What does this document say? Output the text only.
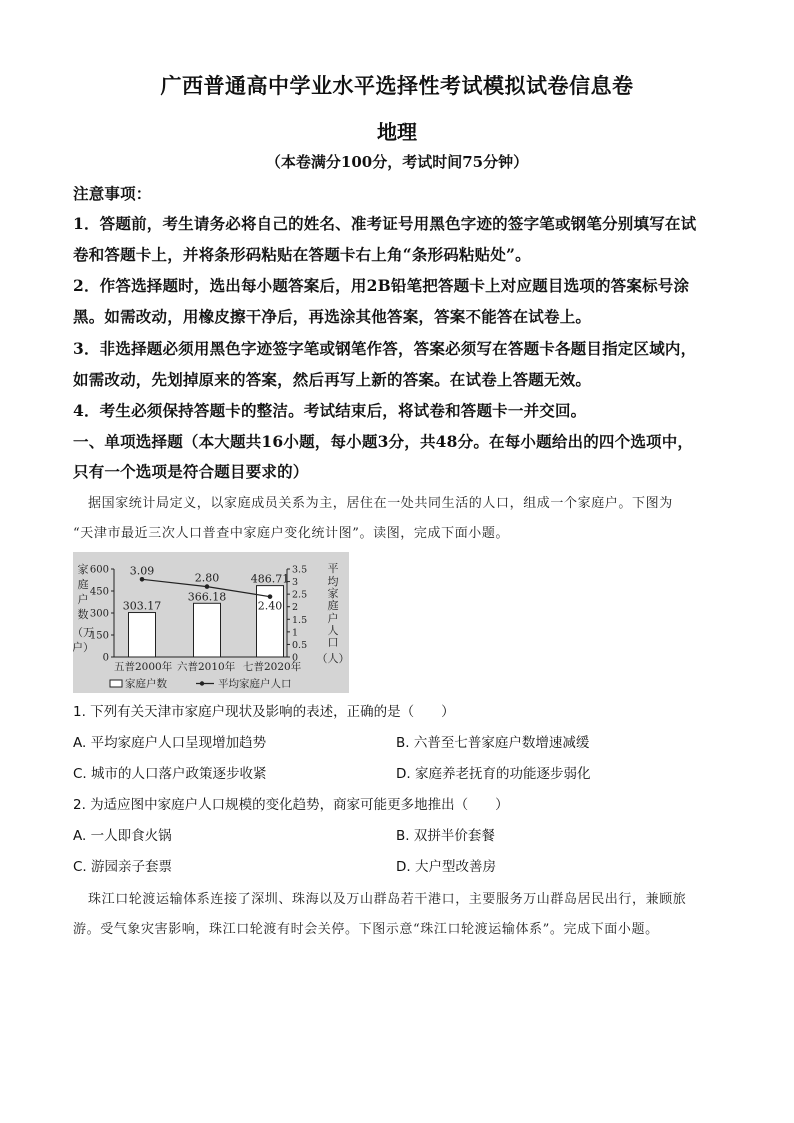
广西普通高中学业水平选择性考试模拟试卷信息卷
地理
（本卷满分100分，考试时间75分钟）
注意事项：
1．答题前，考生请务必将自己的姓名、准考证号用黑色字迹的签字笔或钢笔分别填写在试
卷和答题卡上，并将条形码粘贴在答题卡右上角“条形码粘贴处”。
2．作答选择题时，选出每小题答案后，用2B铅笔把答题卡上对应题目选项的答案标号涂
黑。如需改动，用橡皮擦干净后，再选涂其他答案，答案不能答在试卷上。
3．非选择题必须用黑色字迹签字笔或钢笔作答，答案必须写在答题卡各题目指定区域内，
如需改动，先划掉原来的答案，然后再写上新的答案。在试卷上答题无效。
4．考生必须保持答题卡的整洁。考试结束后，将试卷和答题卡一并交回。
一、单项选择题（本大题共16小题，每小题3分，共48分。在每小题给出的四个选项中，
只有一个选项是符合题目要求的）
据国家统计局定义，以家庭成员关系为主，居住在一处共同生活的人口，组成一个家庭户。下图为
“天津市最近三次人口普查中家庭户变化统计图”。读图，完成下面小题。
0
150
300
450
600
0
0.5
1
1.5
2
2.5
3
3.5
家
庭
户
数
（万
户）
平
均
家
庭
户
人
口
（人）
303.17
366.18
486.71
3.09
2.80
2.40
五普2000年 六普2010年 七普2020年
家庭户数	平均家庭户人口
1. 下列有关天津市家庭户现状及影响的表述，正确的是（　　）
A. 平均家庭户人口呈现增加趋势	B. 六普至七普家庭户数增速减缓
C. 城市的人口落户政策逐步收紧	D. 家庭养老抚育的功能逐步弱化
2. 为适应图中家庭户人口规模的变化趋势，商家可能更多地推出（　　）
A. 一人即食火锅	B. 双拼半价套餐
C. 游园亲子套票	D. 大户型改善房
珠江口轮渡运输体系连接了深圳、珠海以及万山群岛若干港口，主要服务万山群岛居民出行，兼顾旅
游。受气象灾害影响，珠江口轮渡有时会关停。下图示意“珠江口轮渡运输体系”。完成下面小题。
